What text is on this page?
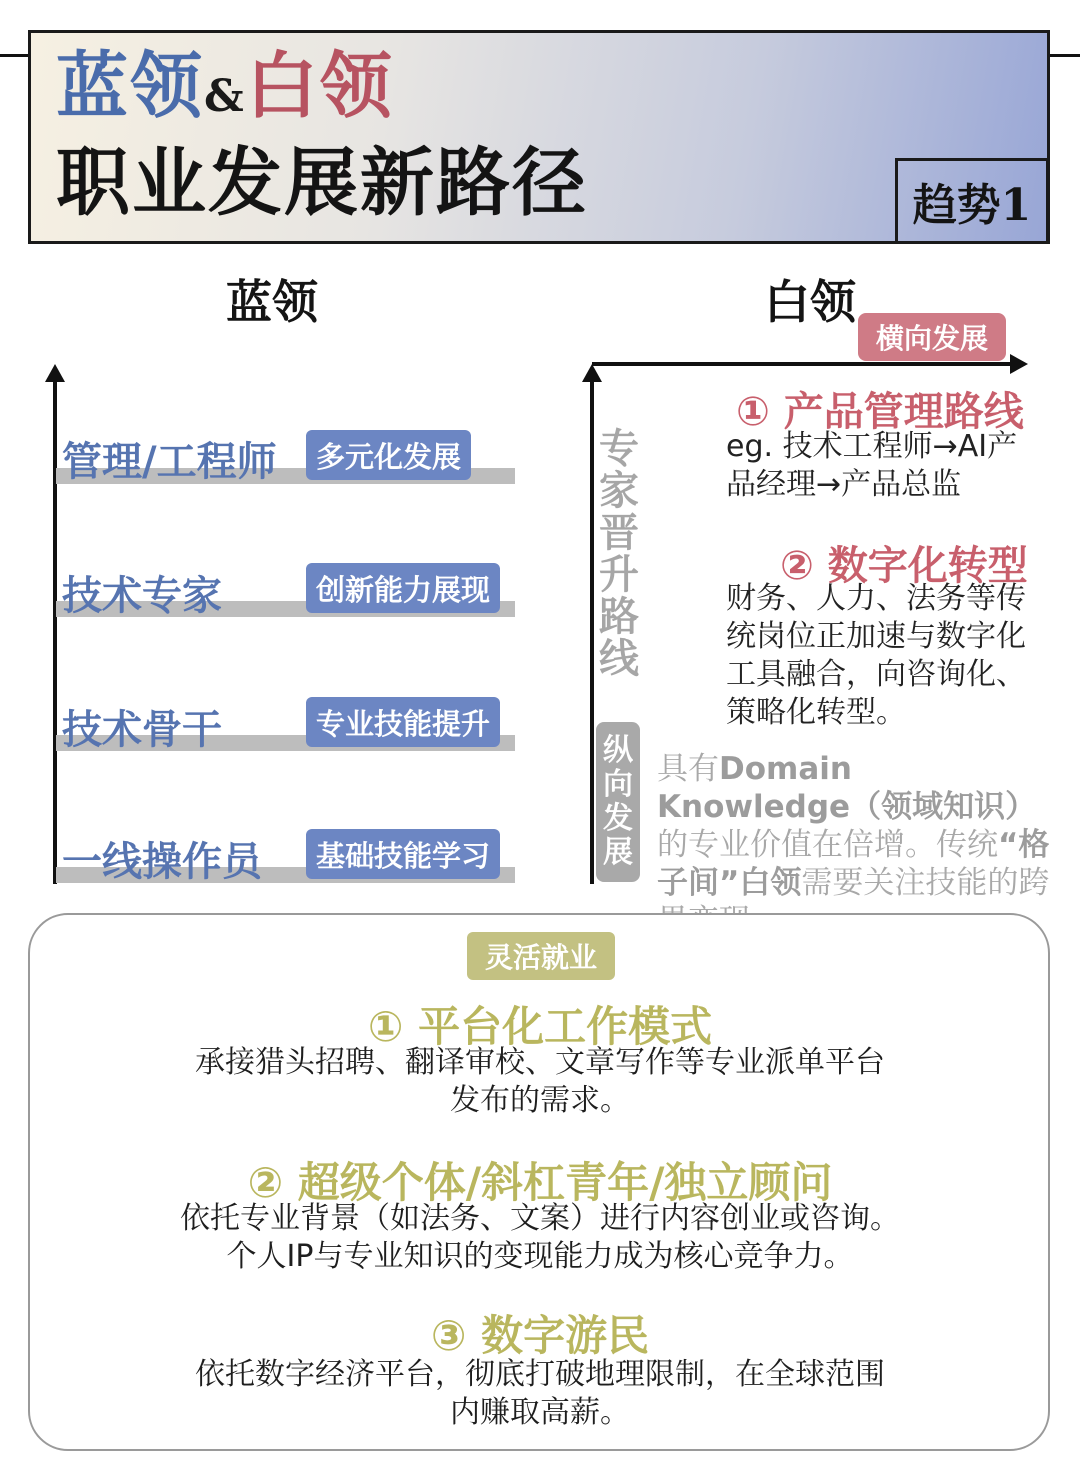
蓝领&白领
职业发展新路径	趋势1
蓝领	白领
管理/工程师	多元化发展
技术专家	创新能力展现
技术骨干	专业技能提升
一线操作员	基础技能学习
横向发展
专家晋升路线
纵向发展
① 产品管理路线
eg. 技术工程师→AI产品经理→产品总监
② 数字化转型
财务、人力、法务等传统岗位正加速与数字化工具融合，向咨询化、策略化转型。
具有Domain Knowledge（领域知识）的专业价值在倍增。传统“格子间”白领需要关注技能的跨
灵活就业
① 平台化工作模式
承接猎头招聘、翻译审校、文章写作等专业派单平台
发布的需求。
② 超级个体/斜杠青年/独立顾问
依托专业背景（如法务、文案）进行内容创业或咨询。
个人IP与专业知识的变现能力成为核心竞争力。
③ 数字游民
依托数字经济平台，彻底打破地理限制，在全球范围
内赚取高薪。
